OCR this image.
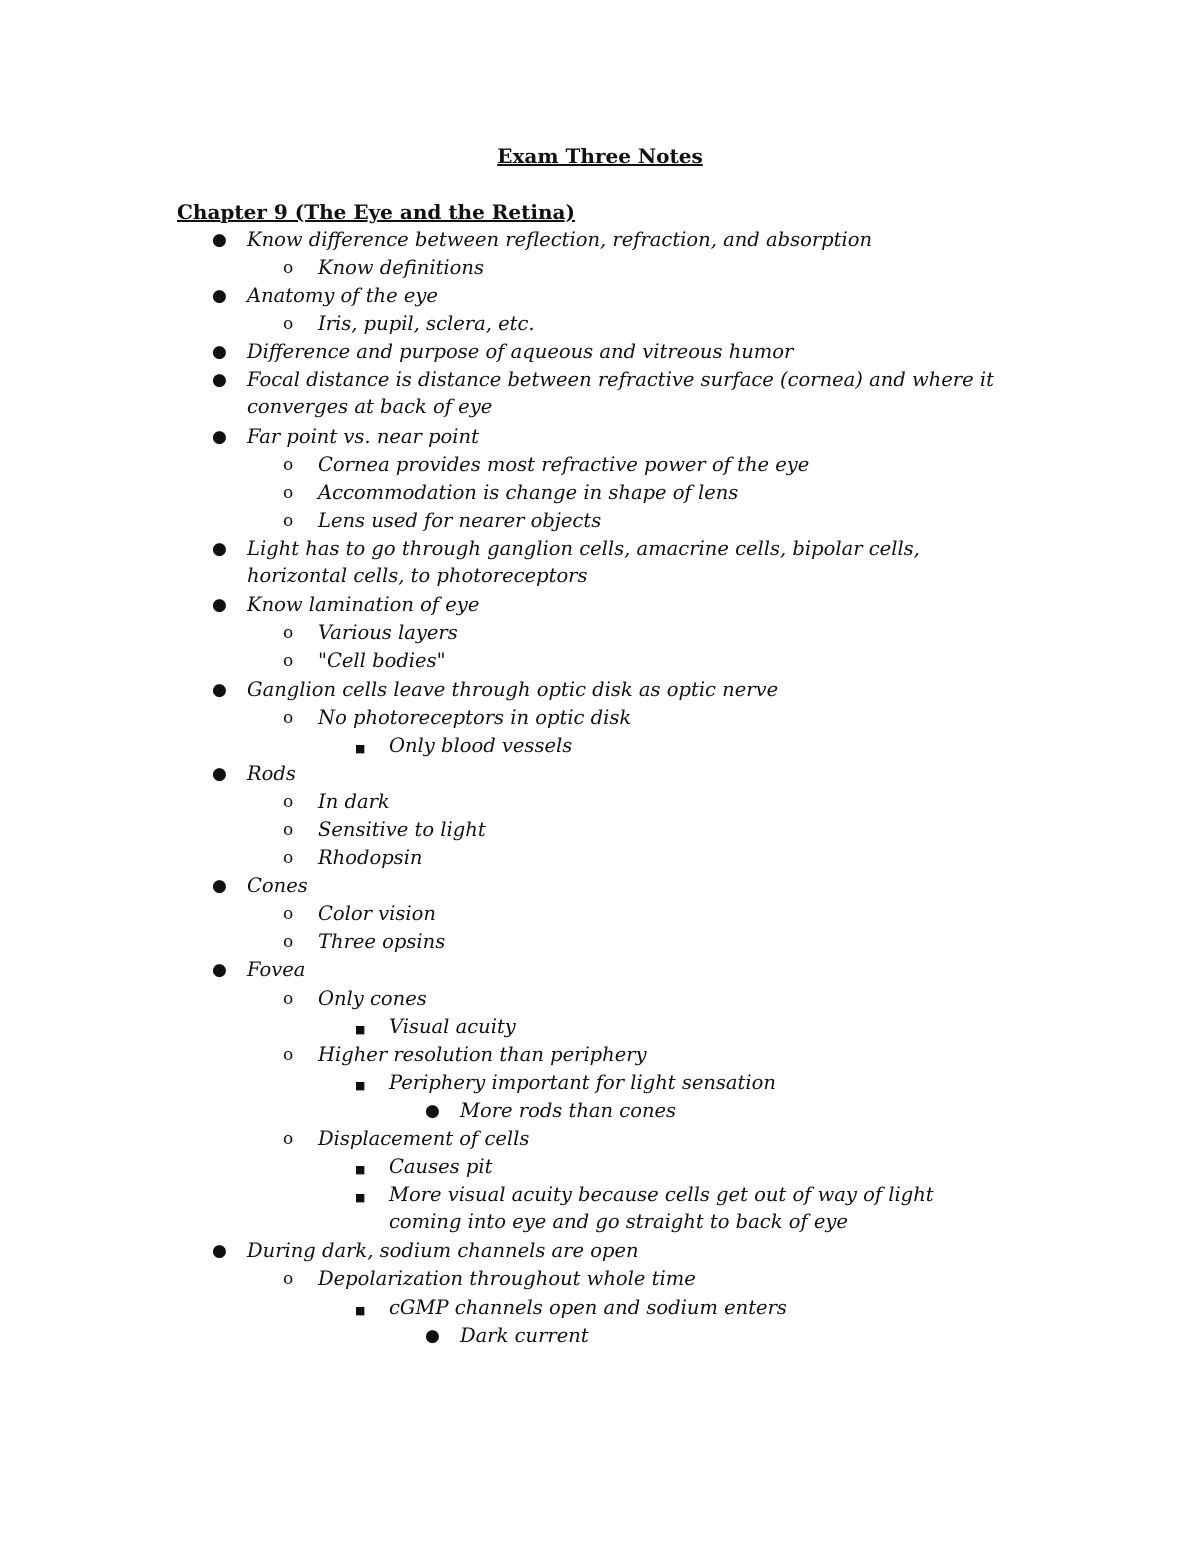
Exam Three Notes
Chapter 9 (The Eye and the Retina)
● Know difference between reflection, refraction, and absorption
o Know definitions
● Anatomy of the eye
o Iris, pupil, sclera, etc.
● Difference and purpose of aqueous and vitreous humor
● Focal distance is distance between refractive surface (cornea) and where it converges at back of eye
● Far point vs. near point
o Cornea provides most refractive power of the eye
o Accommodation is change in shape of lens
o Lens used for nearer objects
● Light has to go through ganglion cells, amacrine cells, bipolar cells, horizontal cells, to photoreceptors
● Know lamination of eye
o Various layers
o "Cell bodies"
● Ganglion cells leave through optic disk as optic nerve
o No photoreceptors in optic disk
■ Only blood vessels
● Rods
o In dark
o Sensitive to light
o Rhodopsin
● Cones
o Color vision
o Three opsins
● Fovea
o Only cones
■ Visual acuity
o Higher resolution than periphery
■ Periphery important for light sensation
● More rods than cones
o Displacement of cells
■ Causes pit
■ More visual acuity because cells get out of way of light coming into eye and go straight to back of eye
● During dark, sodium channels are open
o Depolarization throughout whole time
■ cGMP channels open and sodium enters
● Dark current
